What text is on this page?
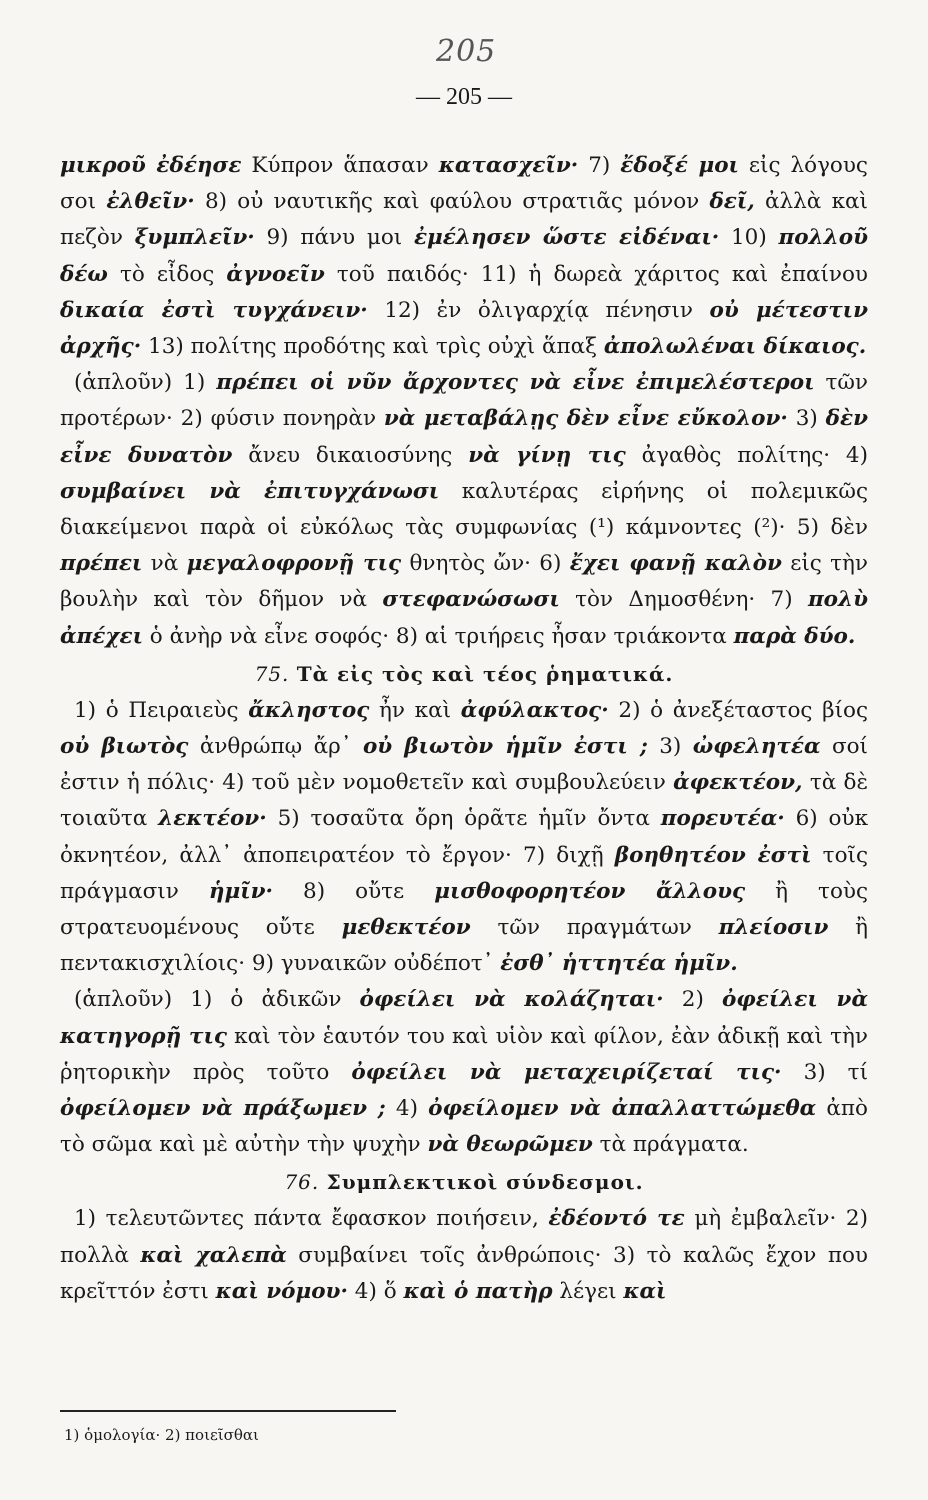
205
— 205 —

μικροῦ ἐδέησε Κύπρον ἅπασαν κατασχεῖν· 7) ἔδοξέ μοι εἰς λόγους σοι ἐλθεῖν· 8) οὐ ναυτικῆς καὶ φαύλου στρατιᾶς μόνον δεῖ, ἀλλὰ καὶ πεζὸν ξυμπλεῖν· 9) πάνυ μοι ἐμέλησεν ὥστε εἰδέναι· 10) πολλοῦ δέω τὸ εἶδος ἀγνοεῖν τοῦ παιδός· 11) ἡ δωρεὰ χάριτος καὶ ἐπαίνου δικαία ἐστὶ τυγχάνειν· 12) ἐν ὀλιγαρχίᾳ πένησιν οὐ μέτεστιν ἀρχῆς· 13) πολίτης προδότης καὶ τρὶς οὐχὶ ἅπαξ ἀπολωλέναι δίκαιος.

(ἁπλοῦν) 1) πρέπει οἱ νῦν ἄρχοντες νὰ εἶνε ἐπιμελέστεροι τῶν προτέρων· 2) φύσιν πονηρὰν νὰ μεταβάλῃς δὲν εἶνε εὔκολον· 3) δὲν εἶνε δυνατὸν ἄνευ δικαιοσύνης νὰ γίνῃ τις ἀγαθὸς πολίτης· 4) συμβαίνει νὰ ἐπιτυγχάνωσι καλυτέρας εἰρήνης οἱ πολεμικῶς διακείμενοι παρὰ οἱ εὐκόλως τὰς συμφωνίας (¹) κάμνοντες (²)· 5) δὲν πρέπει νὰ μεγαλοφρονῇ τις θνητὸς ὤν· 6) ἔχει φανῇ καλὸν εἰς τὴν βουλὴν καὶ τὸν δῆμον νὰ στεφανώσωσι τὸν Δημοσθένη· 7) πολὺ ἀπέχει ὁ ἀνὴρ νὰ εἶνε σοφός· 8) αἱ τριήρεις ἦσαν τριάκοντα παρὰ δύο.

75. Τὰ εἰς τὸς καὶ τέος ῥηματικά.

1) ὁ Πειραιεὺς ἄκληστος ἦν καὶ ἀφύλακτος· 2) ὁ ἀνεξέταστος βίος οὐ βιωτὸς ἀνθρώπῳ ἄρ᾽ οὐ βιωτὸν ἡμῖν ἐστι ; 3) ὠφελητέα σοί ἐστιν ἡ πόλις· 4) τοῦ μὲν νομοθετεῖν καὶ συμβουλεύειν ἀφεκτέον, τὰ δὲ τοιαῦτα λεκτέον· 5) τοσαῦτα ὄρη ὁρᾶτε ἡμῖν ὄντα πορευτέα· 6) οὐκ ὀκνητέον, ἀλλ᾽ ἀποπειρατέον τὸ ἔργον· 7) διχῇ βοηθητέον ἐστὶ τοῖς πράγμασιν ἡμῖν· 8) οὔτε μισθοφορητέον ἄλλους ἢ τοὺς στρατευομένους οὔτε μεθεκτέον τῶν πραγμάτων πλείοσιν ἢ πεντακισχιλίοις· 9) γυναικῶν οὐδέποτ᾽ ἐσθ᾽ ἡττητέα ἡμῖν.

(ἁπλοῦν) 1) ὁ ἀδικῶν ὀφείλει νὰ κολάζηται· 2) ὀφείλει νὰ κατηγορῇ τις καὶ τὸν ἑαυτόν του καὶ υἱὸν καὶ φίλον, ἐὰν ἀδικῇ καὶ τὴν ῥητορικὴν πρὸς τοῦτο ὀφείλει νὰ μεταχειρίζεταί τις· 3) τί ὀφείλομεν νὰ πράξωμεν ; 4) ὀφείλομεν νὰ ἀπαλλαττώμεθα ἀπὸ τὸ σῶμα καὶ μὲ αὐτὴν τὴν ψυχὴν νὰ θεωρῶμεν τὰ πράγματα.

76. Συμπλεκτικοὶ σύνδεσμοι.

1) τελευτῶντες πάντα ἔφασκον ποιήσειν, ἐδέοντό τε μὴ ἐμβαλεῖν· 2) πολλὰ καὶ χαλεπὰ συμβαίνει τοῖς ἀνθρώποις· 3) τὸ καλῶς ἔχον που κρεῖττόν ἐστι καὶ νόμου· 4) ὅ καὶ ὁ πατὴρ λέγει καὶ

1) ὁμολογία· 2) ποιεῖσθαι
